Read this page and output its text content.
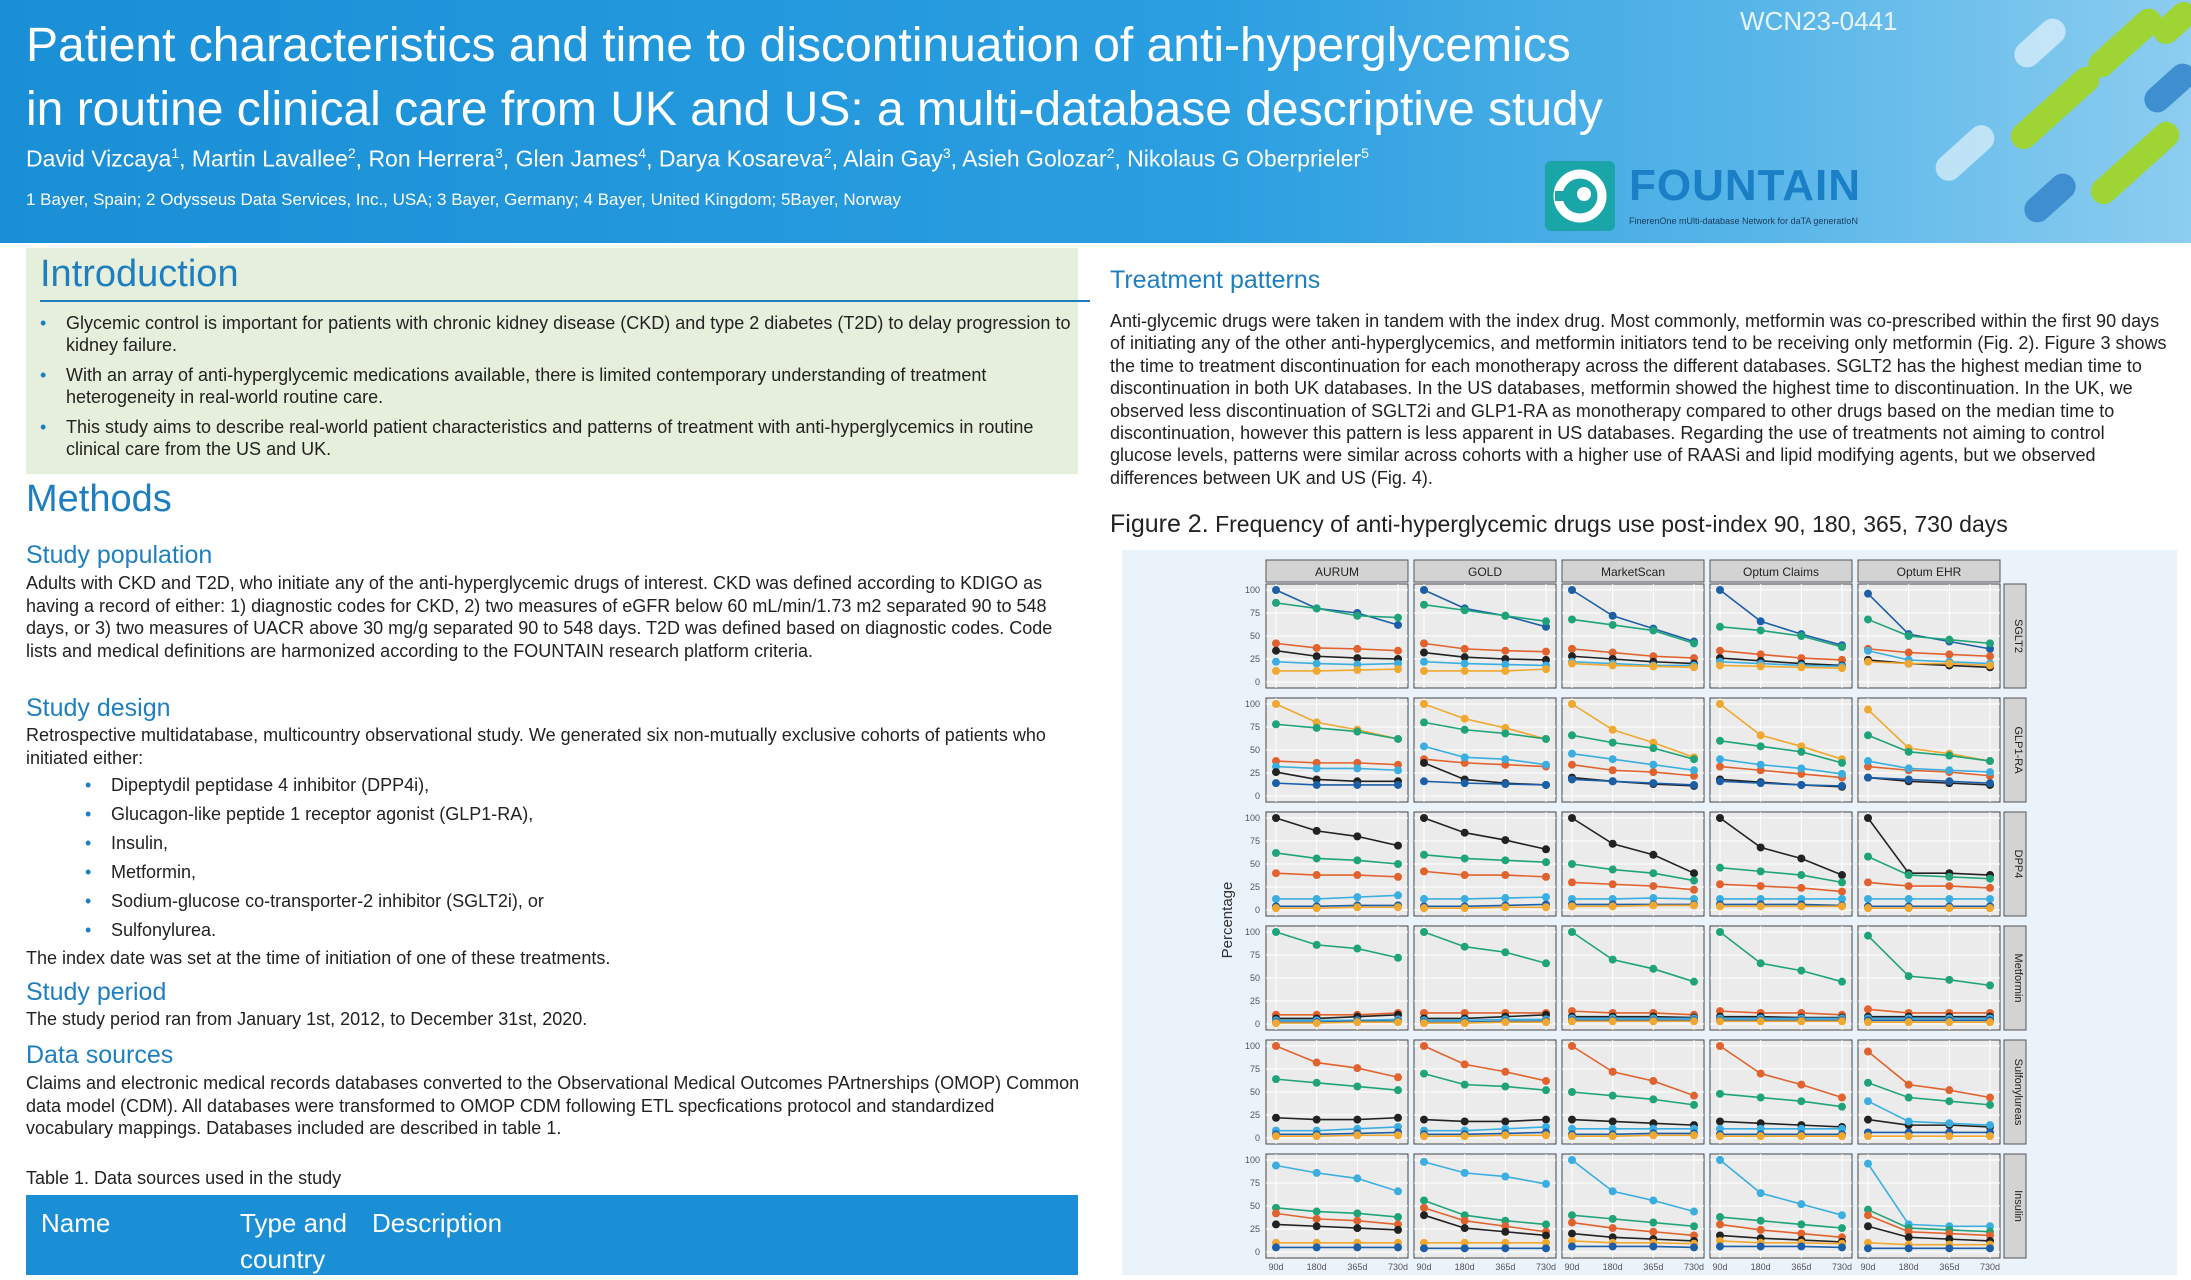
Patient characteristics and time to discontinuation of anti-hyperglycemics
in routine clinical care from UK and US: a multi-database descriptive study
WCN23-0441
David Vizcaya$^1$, Martin Lavallee$^2$, Ron Herrera$^3$, Glen James$^4$, Darya Kosareva$^2$, Alain Gay$^3$, Asieh Golozar$^2$, Nikolaus G Oberprieler$^5$
1 Bayer, Spain; 2 Odysseus Data Services, Inc., USA; 3 Bayer, Germany; 4 Bayer, United Kingdom; 5Bayer, Norway	FOUNTAIN
FinerenOne mUlti-database Network for daTA generatIoN
Introduction
• Glycemic control is important for patients with chronic kidney disease (CKD) and type 2 diabetes (T2D) to delay progression to kidney failure.
• With an array of anti-hyperglycemic medications available, there is limited contemporary understanding of treatment heterogeneity in real-world routine care.
• This study aims to describe real-world patient characteristics and patterns of treatment with anti-hyperglycemics in routine clinical care from the US and UK.
Methods
Study population
Adults with CKD and T2D, who initiate any of the anti-hyperglycemic drugs of interest. CKD was defined according to KDIGO as having a record of either: 1) diagnostic codes for CKD, 2) two measures of eGFR below 60 mL/min/1.73 m2 separated 90 to 548 days, or 3) two measures of UACR above 30 mg/g separated 90 to 548 days. T2D was defined based on diagnostic codes. Code lists and medical definitions are harmonized according to the FOUNTAIN research platform criteria.
Study design
Retrospective multidatabase, multicountry observational study. We generated six non-mutually exclusive cohorts of patients who initiated either:
• Dipeptydil peptidase 4 inhibitor (DPP4i),
• Glucagon-like peptide 1 receptor agonist (GLP1-RA),
• Insulin,
• Metformin,
• Sodium-glucose co-transporter-2 inhibitor (SGLT2i), or
• Sulfonylurea.
The index date was set at the time of initiation of one of these treatments.
Study period
The study period ran from January 1st, 2012, to December 31st, 2020.
Data sources
Claims and electronic medical records databases converted to the Observational Medical Outcomes PArtnerships (OMOP) Common data model (CDM). All databases were transformed to OMOP CDM following ETL specfications protocol and standardized vocabulary mappings. Databases included are described in table 1.
Table 1. Data sources used in the study
Name	Type and country
Description
Treatment patterns
Anti-glycemic drugs were taken in tandem with the index drug. Most commonly, metformin was co-prescribed within the first 90 days of initiating any of the other anti-hyperglycemics, and metformin initiators tend to be receiving only metformin (Fig. 2). Figure 3 shows the time to treatment discontinuation for each monotherapy across the different databases. SGLT2 has the highest median time to discontinuation in both UK databases. In the US databases, metformin showed the highest time to discontinuation. In the UK, we observed less discontinuation of SGLT2i and GLP1-RA as monotherapy compared to other drugs based on the median time to discontinuation, however this pattern is less apparent in US databases. Regarding the use of treatments not aiming to control glucose levels, patterns were similar across cohorts with a higher use of RAASi and lipid modifying agents, but we observed differences between UK and US (Fig. 4).
Figure 2. Frequency of anti-hyperglycemic drugs use post-index 90, 180, 365, 730 days
Percentage
AURUM	GOLD	MarketScan	Optum Claims	Optum EHR
SGLT2
0
25
50
75
100
GLP1-RA
0
25
50
75
100
DPP4
0
25
50
75
100
Metformin
0
25
50
75
100
Sulfonylureas
0
25
50
75
100
Insulin
0
25
50
75
100
90d	180d 365d 730d 90d	180d 365d 730d 90d	180d 365d 730d 90d	180d 365d 730d 90d	180d 365d 730d
